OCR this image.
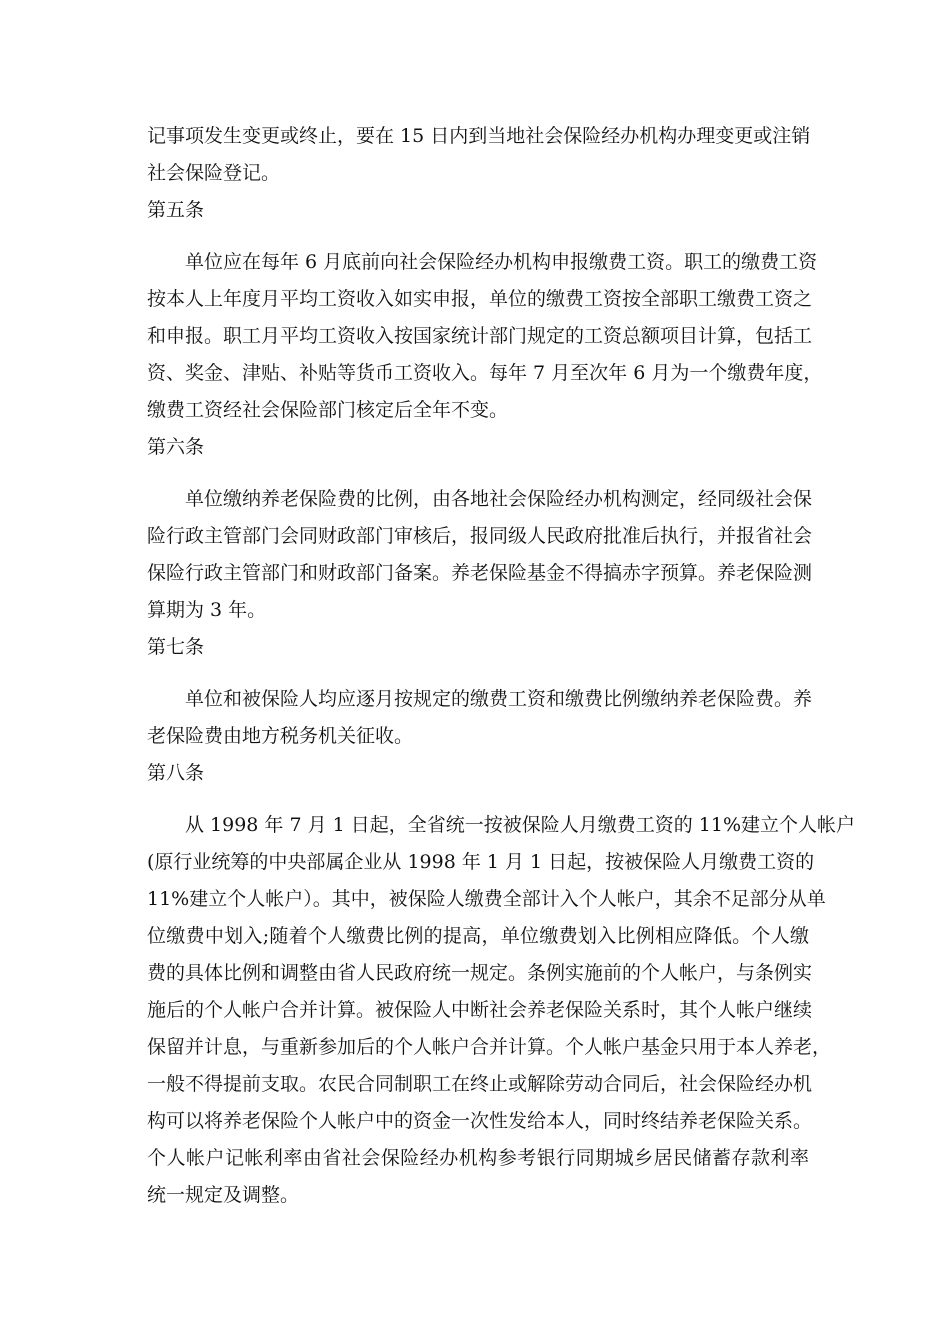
记事项发生变更或终止，要在 15 日内到当地社会保险经办机构办理变更或注销
社会保险登记。
第五条
单位应在每年 6 月底前向社会保险经办机构申报缴费工资。职工的缴费工资
按本人上年度月平均工资收入如实申报，单位的缴费工资按全部职工缴费工资之
和申报。职工月平均工资收入按国家统计部门规定的工资总额项目计算，包括工
资、奖金、津贴、补贴等货币工资收入。每年 7 月至次年 6 月为一个缴费年度，
缴费工资经社会保险部门核定后全年不变。
第六条
单位缴纳养老保险费的比例，由各地社会保险经办机构测定，经同级社会保
险行政主管部门会同财政部门审核后，报同级人民政府批准后执行，并报省社会
保险行政主管部门和财政部门备案。养老保险基金不得搞赤字预算。养老保险测
算期为 3 年。
第七条
单位和被保险人均应逐月按规定的缴费工资和缴费比例缴纳养老保险费。养
老保险费由地方税务机关征收。
第八条
从 1998 年 7 月 1 日起，全省统一按被保险人月缴费工资的 11%建立个人帐户
(原行业统筹的中央部属企业从 1998 年 1 月 1 日起，按被保险人月缴费工资的
11%建立个人帐户）。其中，被保险人缴费全部计入个人帐户，其余不足部分从单
位缴费中划入;随着个人缴费比例的提高，单位缴费划入比例相应降低。个人缴
费的具体比例和调整由省人民政府统一规定。条例实施前的个人帐户，与条例实
施后的个人帐户合并计算。被保险人中断社会养老保险关系时，其个人帐户继续
保留并计息，与重新参加后的个人帐户合并计算。个人帐户基金只用于本人养老，
一般不得提前支取。农民合同制职工在终止或解除劳动合同后，社会保险经办机
构可以将养老保险个人帐户中的资金一次性发给本人，同时终结养老保险关系。
个人帐户记帐利率由省社会保险经办机构参考银行同期城乡居民储蓄存款利率
统一规定及调整。
